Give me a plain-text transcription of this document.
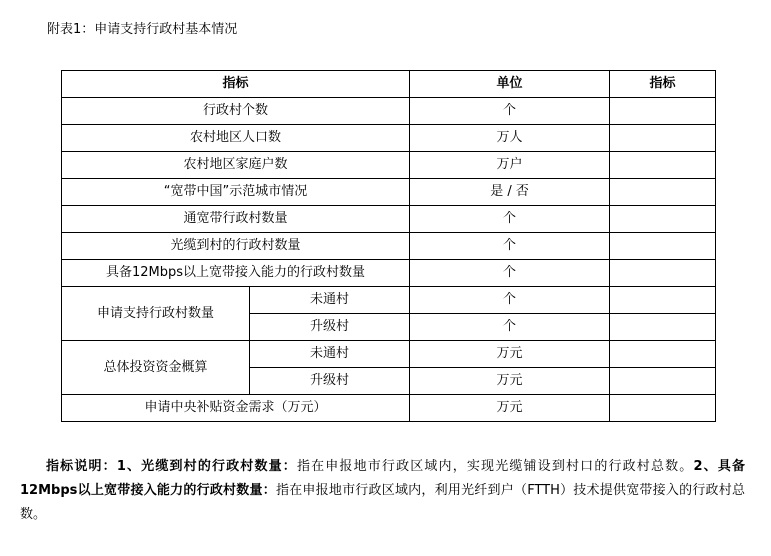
附表1：申请支持行政村基本情况
指标		单位	指标
行政村个数		个	
农村地区人口数		万人	
农村地区家庭户数		万户	
“宽带中国”示范城市情况		是 / 否	
通宽带行政村数量		个	
光缆到村的行政村数量		个	
具备12Mbps以上宽带接入能力的行政村数量		个	
申请支持行政村数量	未通村	个	
	升级村	个	
总体投资资金概算	未通村	万元	
	升级村	万元	
申请中央补贴资金需求（万元）		万元	

指标说明：1、光缆到村的行政村数量：指在申报地市行政区域内，实现光缆铺设到村口的行政村总数。2、具备12Mbps以上宽带接入能力的行政村数量：指在申报地市行政区域内，利用光纤到户（FTTH）技术提供宽带接入的行政村总数。
